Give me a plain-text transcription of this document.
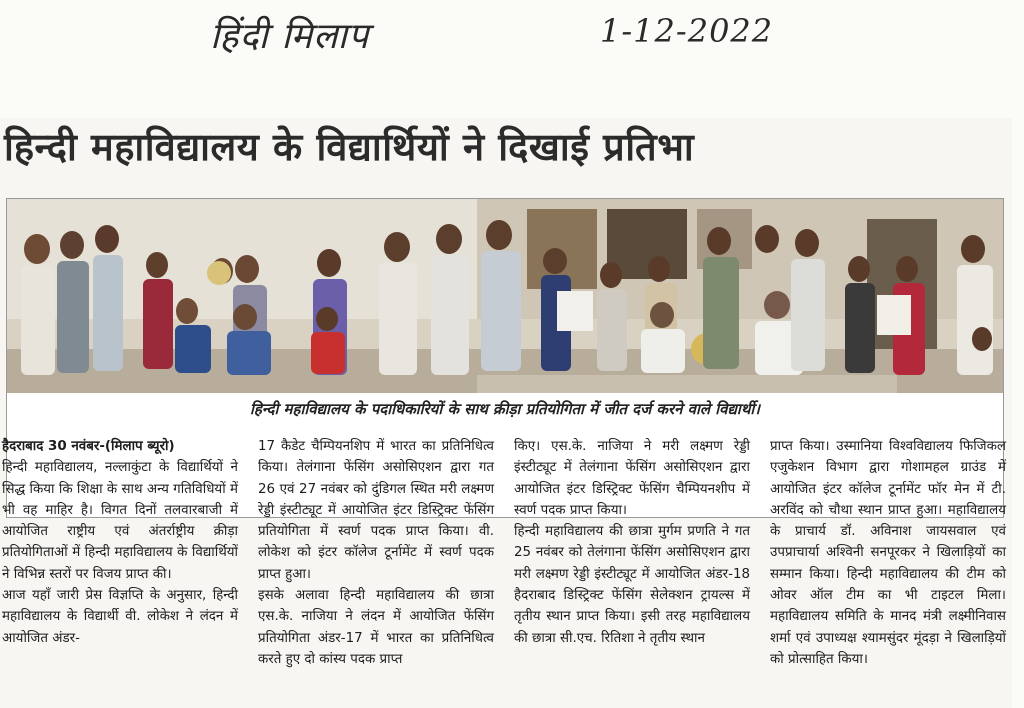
हिंदी मिलाप	1-12-2022
हिन्दी महाविद्यालय के विद्यार्थियों ने दिखाई प्रतिभा
हिन्दी महाविद्यालय के पदाधिकारियों के साथ क्रीड़ा प्रतियोगिता में जीत दर्ज करने वाले विद्यार्थी।

हैदराबाद 30 नवंबर-(मिलाप ब्यूरो)

हिन्दी महाविद्यालय, नल्लाकुंटा के विद्यार्थियों ने सिद्ध किया कि शिक्षा के साथ अन्य गतिविधियों में भी वह माहिर है। विगत दिनों तलवारबाजी में आयोजित राष्ट्रीय एवं अंतर्राष्ट्रीय क्रीड़ा प्रतियोगिताओं में हिन्दी महाविद्यालय के विद्यार्थियों ने विभिन्न स्तरों पर विजय प्राप्त की।

आज यहाँ जारी प्रेस विज्ञप्ति के अनुसार, हिन्दी महाविद्यालय के विद्यार्थी वी. लोकेश ने लंदन में आयोजित अंडर-

17 कैडेट चैम्पियनशिप में भारत का प्रतिनिधित्व किया। तेलंगाना फेंसिंग असोसिएशन द्वारा गत 26 एवं 27 नवंबर को दुंडिगल स्थित मरी लक्ष्मण रेड्डी इंस्टीट्यूट में आयोजित इंटर डिस्ट्रिक्ट फेंसिंग प्रतियोगिता में स्वर्ण पदक प्राप्त किया। वी. लोकेश को इंटर कॉलेज टूर्नामेंट में स्वर्ण पदक प्राप्त हुआ।

इसके अलावा हिन्दी महाविद्यालय की छात्रा एस.के. नाजिया ने लंदन में आयोजित फेंसिंग प्रतियोगिता अंडर-17 में भारत का प्रतिनिधित्व करते हुए दो कांस्य पदक प्राप्त

किए। एस.के. नाजिया ने मरी लक्ष्मण रेड्डी इंस्टीट्यूट में तेलंगाना फेंसिंग असोसिएशन द्वारा आयोजित इंटर डिस्ट्रिक्ट फेंसिंग चैम्पियनशीप में स्वर्ण पदक प्राप्त किया।

हिन्दी महाविद्यालय की छात्रा मुर्गम प्रणति ने गत 25 नवंबर को तेलंगाना फेंसिंग असोसिएशन द्वारा मरी लक्ष्मण रेड्डी इंस्टीट्यूट में आयोजित अंडर-18 हैदराबाद डिस्ट्रिक्ट फेंसिंग सेलेक्शन ट्रायल्स में तृतीय स्थान प्राप्त किया। इसी तरह महाविद्यालय की छात्रा सी.एच. रितिशा ने तृतीय स्थान

प्राप्त किया। उस्मानिया विश्वविद्यालय फिजिकल एजुकेशन विभाग द्वारा गोशामहल ग्राउंड में आयोजित इंटर कॉलेज टूर्नामेंट फॉर मेन में टी. अरविंद को चौथा स्थान प्राप्त हुआ। महाविद्यालय के प्राचार्य डॉ. अविनाश जायसवाल एवं उपप्राचार्या अश्विनी सनपूरकर ने खिलाड़ियों का सम्मान किया। हिन्दी महाविद्यालय की टीम को ओवर ऑल टीम का भी टाइटल मिला। महाविद्यालय समिति के मानद मंत्री लक्ष्मीनिवास शर्मा एवं उपाध्यक्ष श्यामसुंदर मूंदड़ा ने खिलाड़ियों को प्रोत्साहित किया।
